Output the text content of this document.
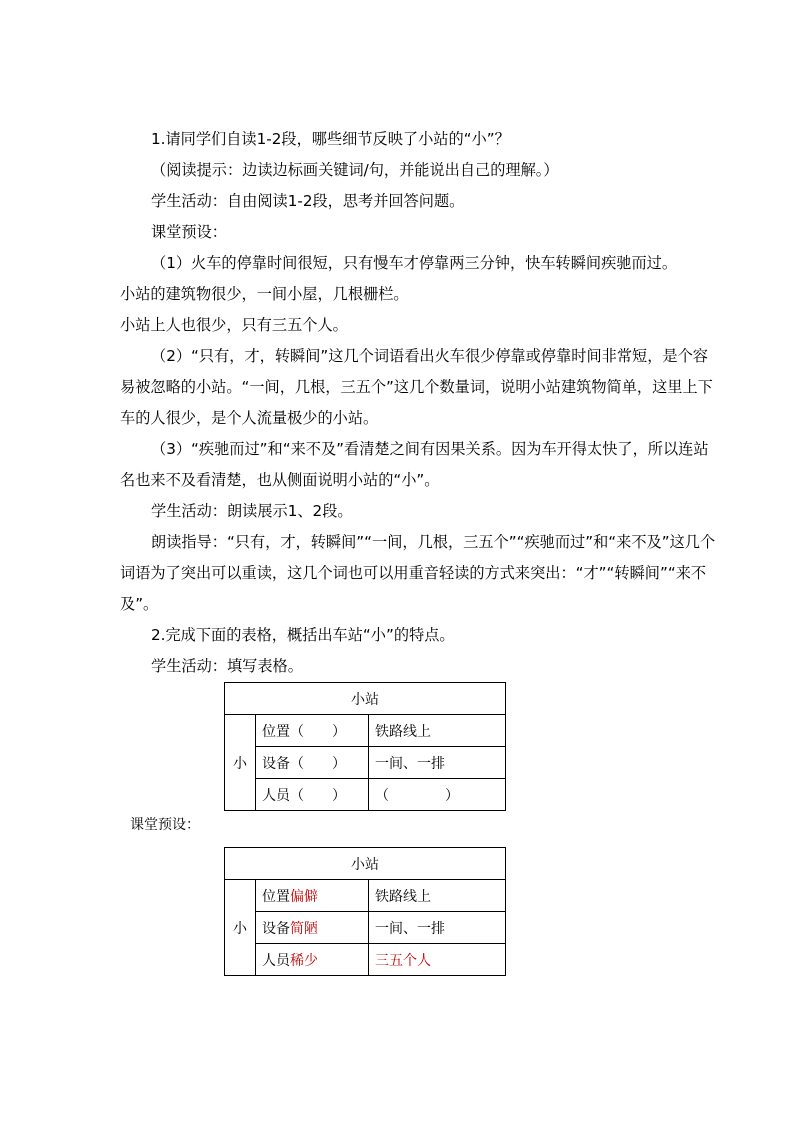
1.请同学们自读1-2段，哪些细节反映了小站的“小”？

（阅读提示：边读边标画关键词/句，并能说出自己的理解。）

学生活动：自由阅读1-2段，思考并回答问题。

课堂预设：

（1）火车的停靠时间很短，只有慢车才停靠两三分钟，快车转瞬间疾驰而过。

小站的建筑物很少，一间小屋，几根栅栏。

小站上人也很少，只有三五个人。

（2）“只有，才，转瞬间”这几个词语看出火车很少停靠或停靠时间非常短，是个容易被忽略的小站。“一间，几根，三五个”这几个数量词，说明小站建筑物简单，这里上下车的人很少，是个人流量极少的小站。

（3）“疾驰而过”和“来不及”看清楚之间有因果关系。因为车开得太快了，所以连站名也来不及看清楚，也从侧面说明小站的“小”。

学生活动：朗读展示1、2段。

朗读指导：“只有，才，转瞬间”“一间，几根，三五个”“疾驰而过”和“来不及”这几个词语为了突出可以重读，这几个词也可以用重音轻读的方式来突出：“才”“转瞬间”“来不及”。

2.完成下面的表格，概括出车站“小”的特点。

学生活动：填写表格。

小站		
小	位置（　　）	铁路线上
	设备（　　）	一间、一排
	人员（　　）	（　　　　）

课堂预设：

小站		
小	位置偏僻	铁路线上
	设备简陋	一间、一排
	人员稀少	三五个人
